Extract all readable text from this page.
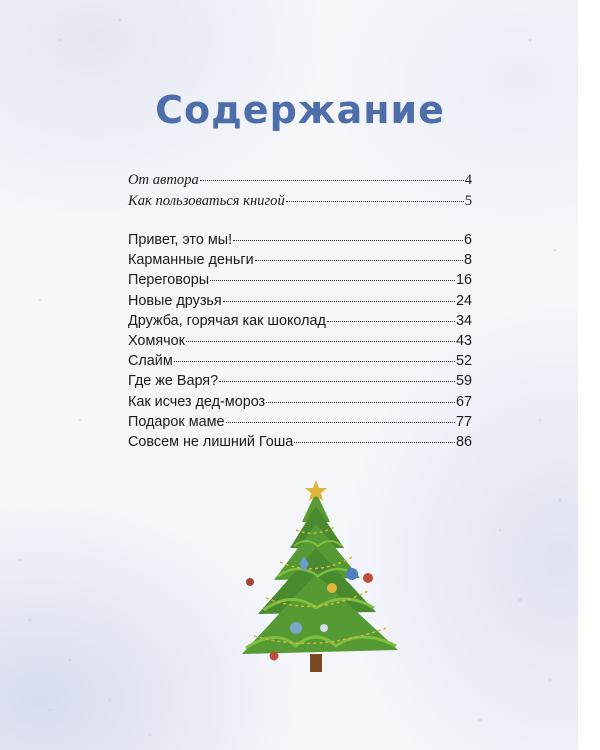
Содержание
От автора	4
Как пользоваться книгой	5
Привет, это мы!	6
Карманные деньги	8
Переговоры	16
Новые друзья	24
Дружба, горячая как шоколад	34
Хомячок	43
Слайм	52
Где же Варя?	59
Как исчез дед-мороз	67
Подарок маме	77
Совсем не лишний Гоша	86
